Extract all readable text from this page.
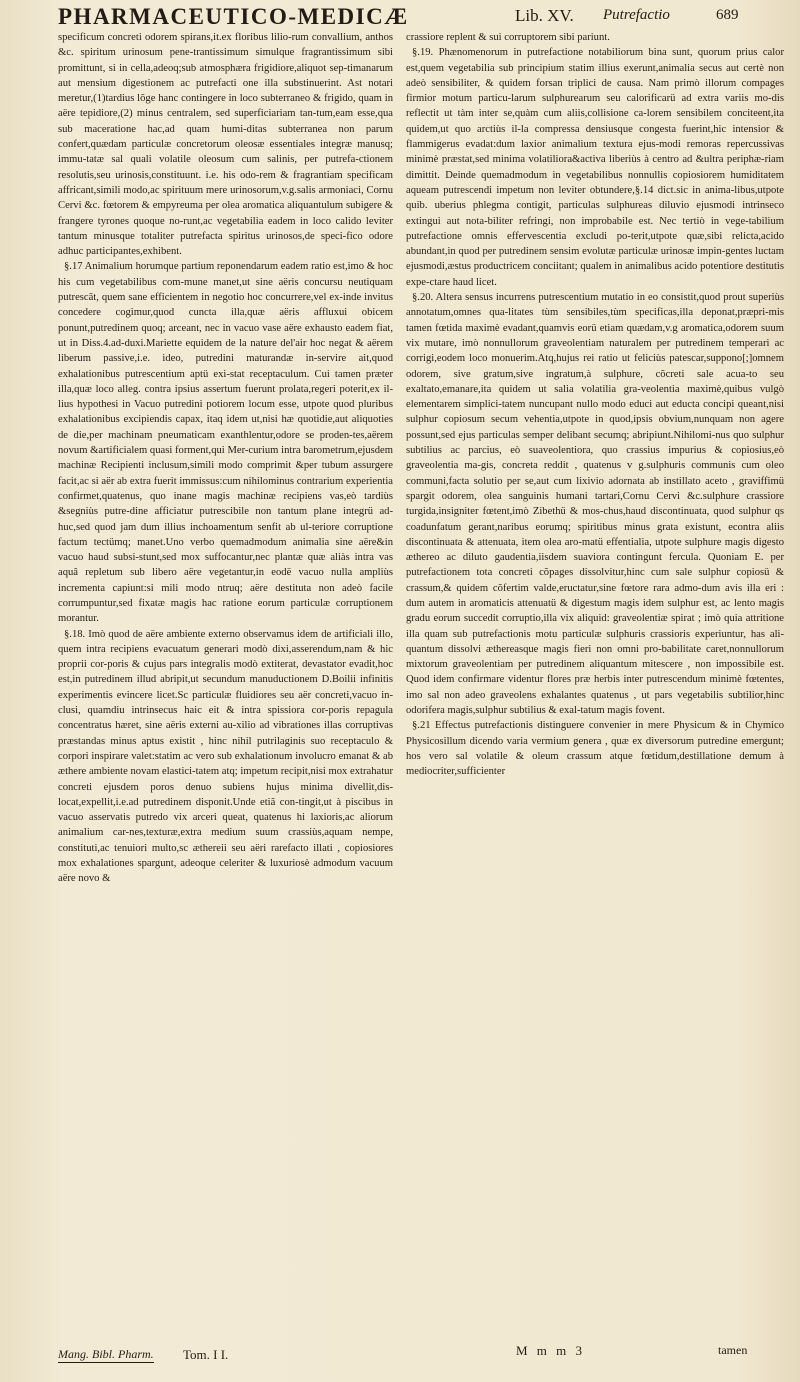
PHARMACEUTICO-MEDICÆ	Lib. XV. Putrefactio	689

specificum concreti odorem spirans,it.ex floribus lilio-rum convallium, anthos &c. spiritum urinosum pene-trantissimum simulque fragrantissimum sibi promittunt, si in cella,adeoq;sub atmosphæra frigidiore,aliquot sep-timanarum aut mensium digestionem ac putrefacti one illa substinuerint. Ast notari meretur,(1)tardius lõge hanc contingere in loco subterraneo & frigido, quam in aëre tepidiore,(2) minus centralem, sed superficiariam tan-tum,eam esse,qua sub maceratione hac,ad quam humi-ditas subterranea non parum confert,quædam particulæ concretorum oleosæ essentiales integræ manusq; immu-tatæ sal quali volatile oleosum cum salinis, per putrefa-ctionem resolutis,seu urinosis,constituunt. i.e. his odo-rem & fragrantiam specificam affricant,simili modo,ac spirituum mere urinosorum,v.g.salis armoniaci, Cornu Cervi &c. fœtorem & empyreuma per olea aromatica aliquantulum subigere & frangere tyrones quoque no-runt,ac vegetabilia eadem in loco calido leviter tantum minusque totaliter putrefacta spiritus urinosos,de speci-fico odore adhuc participantes,exhibent.

§.17 Animalium horumque partium reponendarum eadem ratio est,imo & hoc his cum vegetabilibus com-mune manet,ut sine aëris concursu neutiquam putrescãt, quem sane efficientem in negotio hoc concurrere,vel ex-inde invitus concedere cogimur,quod cuncta illa,quæ aëris affluxui obicem ponunt,putredinem quoq; arceant, nec in vacuo vase aëre exhausto eadem fiat, ut in Diss.4.ad-duxi.Mariette equidem de la nature del'air hoc negat & aërem liberum passive,i.e. ideo, putredini maturandæ in-servire ait,quod exhalationibus putrescentium aptü exi-stat receptaculum. Cui tamen præter illa,quæ loco alleg. contra ipsius assertum fuerunt prolata,regeri poterit,ex il-lius hypothesi in Vacuo putredini potiorem locum esse, utpote quod pluribus exhalationibus excipiendis capax, itaq idem ut,nisi hæ quotidie,aut aliquoties de die,per machinam pneumaticam exanthlentur,odore se proden-tes,aërem novum &artificialem quasi forment,qui Mer-curium intra barometrum,ejusdem machinæ Recipienti inclusum,simili modo comprimit &per tubum assurgere facit,ac si aër ab extra fuerit immissus:cum nihilominus contrarium experientia confirmet,quatenus, quo inane magis machinæ recipiens vas,eò tardiùs &segniùs putre-dine afficiatur putrescibile non tantum plane integrü ad-huc,sed quod jam dum illius inchoamentum senfit ab ul-teriore corruptione factum tectümq; manet.Uno verbo quemadmodum animalia sine aëre&in vacuo haud subsi-stunt,sed mox suffocantur,nec plantæ quæ aliàs intra vas aquâ repletum sub libero aëre vegetantur,in eodë vacuo nulla ampliùs incrementa capiunt:si mili modo ntruq; aëre destituta non adeò facile corrumpuntur,sed fixatæ magis hac ratione eorum particulæ corruptionem morantur.

§.18. Imò quod de aëre ambiente externo observamus idem de artificiali illo, quem intra recipiens evacuatum generari modò dixi,asserendum,nam & hic proprii cor-poris & cujus pars integralis modò extiterat, devastator evadit,hoc est,in putredinem illud abripit,ut secundum manuductionem D.Boilii infinitis experimentis evincere licet.Sc particulæ fluidiores seu aër concreti,vacuo in-clusi, quamdiu intrinsecus haic eit & intra spissiora cor-poris repagula concentratus hæret, sine aëris externi au-xilio ad vibrationes illas corruptivas præstandas minus aptus existit , hinc nihil putrilaginis suo receptaculo & corpori inspirare valet:statim ac vero sub exhalationum involucro emanat & ab æthere ambiente novam elastici-tatem atq; impetum recipit,nisi mox extrahatur concreti ejusdem poros denuo subiens hujus minima divellit,dis-locat,expellit,i.e.ad putredinem disponit.Unde etiã con-tingit,ut à piscibus in vacuo asservatis putredo vix arceri queat, quatenus hi laxioris,ac aliorum animalium car-nes,texturæ,extra medium suum crassiùs,aquam nempe, constituti,ac tenuiori multo,sc æthereii seu aëri rarefacto illati , copiosiores mox exhalationes spargunt, adeoque celeriter & luxuriosè admodum vacuum aëre novo &

crassiore replent & sui corruptorem sibi pariunt.

§.19. Phænomenorum in putrefactione notabiliorum bina sunt, quorum prius calor est,quem vegetabilia sub principium statim illius exerunt,animalia secus aut certè non adeò sensibiliter, & quidem forsan triplici de causa. Nam primò illorum compages firmior motum particu-larum sulphurearum seu calorificarü ad extra variis mo-dis reflectit ut tàm inter se,quàm cum aliis,collisione ca-lorem sensibilem conciteent,ita quidem,ut quo arctiùs il-la compressa densiusque congesta fuerint,hic intensior & flammigerus evadat:dum laxior animalium textura ejus-modi remoras repercussivas minimè præstat,sed minima volatiliora&activa liberiùs à centro ad &ultra periphæ-riam dimittit. Deinde quemadmodum in vegetabilibus nonnullis copiosiorem humiditatem aqueam putrescendi impetum non leviter obtundere,§.14 dict.sic in anima-libus,utpote quib. uberius phlegma contigit, particulas sulphureas diluvio ejusmodi intrinseco extingui aut nota-biliter refringi, non improbabile est. Nec tertiò in vege-tabilium putrefactione omnis effervescentia excludi po-terit,utpote quæ,sibi relicta,acido abundant,in quod per putredinem sensim evolutæ particulæ urinosæ impin-gentes luctam ejusmodi,æstus productricem conciitant; qualem in animalibus acido potentiore destitutis expe-ctare haud licet.

§.20. Altera sensus incurrens putrescentium mutatio in eo consistit,quod prout superiùs annotatum,omnes qua-litates tùm sensibiles,tùm specificas,illa deponat,præpri-mis tamen fœtida maximè evadant,quamvis eorü etiam quædam,v.g aromatica,odorem suum vix mutare, imò nonnullorum graveolentiam naturalem per putredinem temperari ac corrigi,eodem loco monuerim.Atq,hujus rei ratio ut feliciùs patescar,suppono[;]omnem odorem, sive gratum,sive ingratum,à sulphure, cõcreti sale acua-to seu exaltato,emanare,ita quidem ut salia volatilia gra-veolentia maximè,quibus vulgò elementarem simplici-tatem nuncupant nullo modo educi aut educta concipi queant,nisi sulphur copiosum secum vehentia,utpote in quod,ipsis obvium,nunquam non agere possunt,sed ejus particulas semper delibant secumq; abripiunt.Nihilomi-nus quo sulphur subtilius ac parcius, eò suaveolentiora, quo crassius impurius & copiosius,eò graveolentia ma-gis, concreta reddit , quatenus v g.sulphuris communis cum oleo communi,facta solutio per se,aut cum lixivio adornata ab instillato aceto , graviffimü spargit odorem, olea sanguinis humani tartari,Cornu Cervi &c.sulphure crassiore turgida,insigniter fœtent,imò Zibethü & mos-chus,haud discontinuata, quod sulphur qs coadunfatum gerant,naribus eorumq; spiritibus minus grata existunt, econtra aliis discontinuata & attenuata, item olea aro-matü effentialia, utpote sulphure magis digesto æthereo ac diluto gaudentia,iisdem suaviora contingunt fercula. Quoniam E. per putrefactionem tota concreti cõpages dissolvitur,hinc cum sale sulphur copiosü & crassum,& quidem cõfertim valde,eructatur,sine fœtore rara admo-dum avis illa eri : dum autem in aromaticis attenuatü & digestum magis idem sulphur est, ac lento magis gradu eorum succedit corruptio,illa vix aliquid: graveolentiæ spirat ; imò quia attritione illa quam sub putrefactionis motu particulæ sulphuris crassioris experiuntur, has ali-quantum dissolvi æthereasque magis fieri non omni pro-babilitate caret,nonnullorum mixtorum graveolentiam per putredinem aliquantum mitescere , non impossibile est. Quod idem confirmare videntur flores præ herbis inter putrescendum minimè fœtentes, imo sal non adeo graveolens exhalantes quatenus , ut pars vegetabilis subtilior,hinc odorifera magis,sulphur subtilius & exal-tatum magis fovent.

§.21 Effectus putrefactionis distinguere convenier in mere Physicum & in Chymico Physicosillum dicendo varia vermium genera , quæ ex diversorum putredine emergunt; hos vero sal volatile & oleum crassum atque fœtidum,destillatione demum à mediocriter,sufficienter

Mang. Bibl. Pharm. Tom. I I.	M m m 3	tamen
